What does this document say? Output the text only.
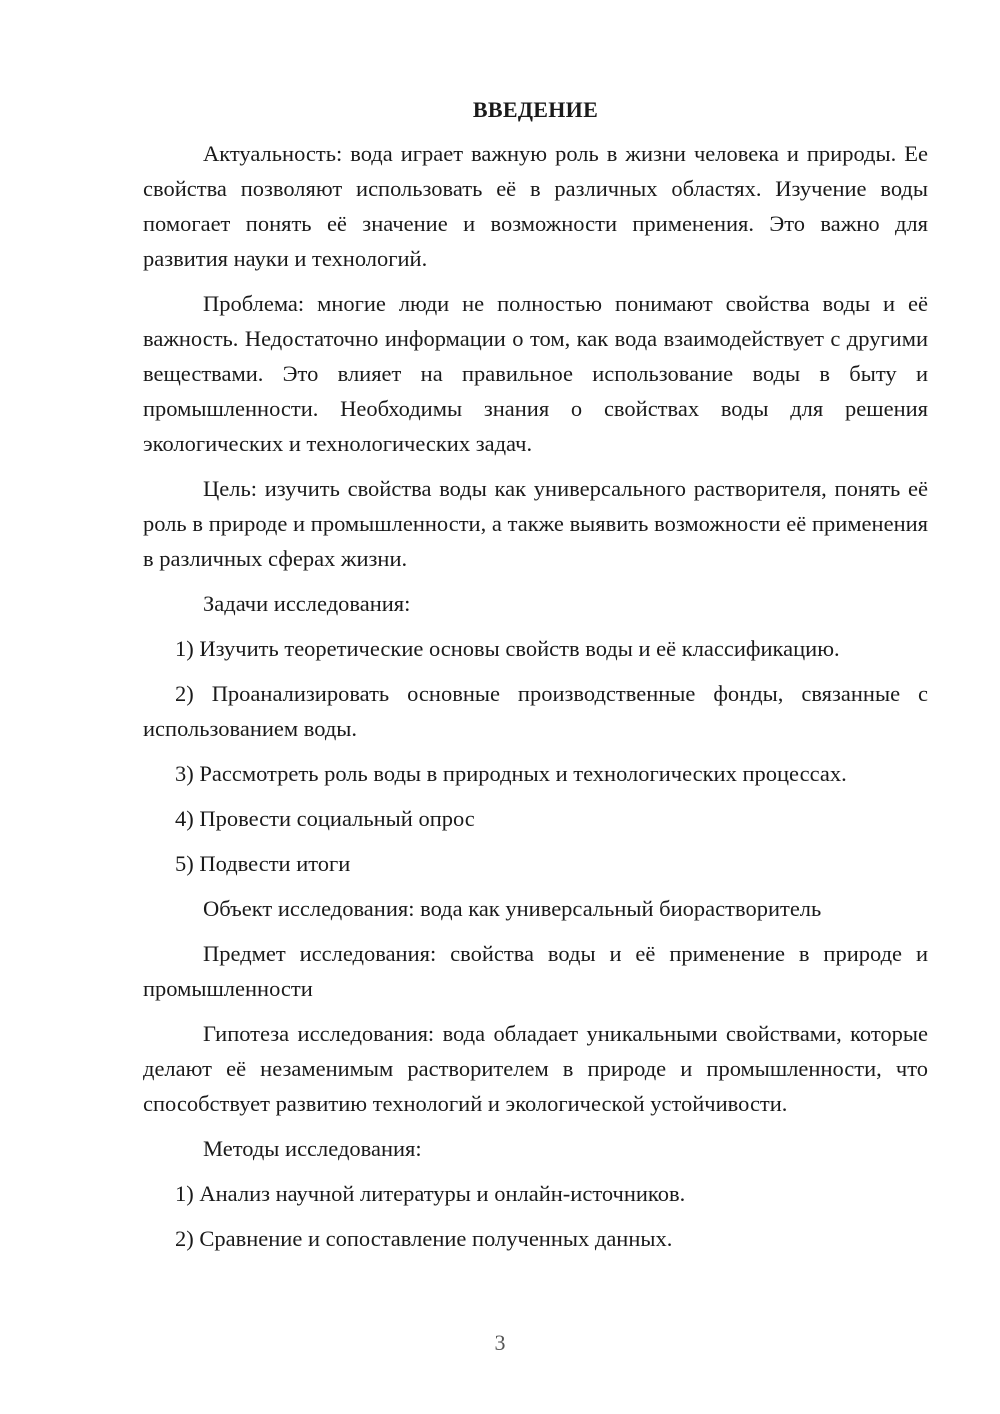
ВВЕДЕНИЕ

Актуальность: вода играет важную роль в жизни человека и природы. Ее свойства позволяют использовать её в различных областях. Изучение воды помогает понять её значение и возможности применения. Это важно для развития науки и технологий.

Проблема: многие люди не полностью понимают свойства воды и её важность. Недостаточно информации о том, как вода взаимодействует с другими веществами. Это влияет на правильное использование воды в быту и промышленности. Необходимы знания о свойствах воды для решения экологических и технологических задач.

Цель: изучить свойства воды как универсального растворителя, понять её роль в природе и промышленности, а также выявить возможности её применения в различных сферах жизни.

Задачи исследования:

1) Изучить теоретические основы свойств воды и её классификацию.

2) Проанализировать основные производственные фонды, связанные с использованием воды.

3) Рассмотреть роль воды в природных и технологических процессах.

4) Провести социальный опрос

5) Подвести итоги

Объект исследования: вода как универсальный биорастворитель

Предмет исследования: свойства воды и её применение в природе и промышленности

Гипотеза исследования: вода обладает уникальными свойствами, которые делают её незаменимым растворителем в природе и промышленности, что способствует развитию технологий и экологической устойчивости.

Методы исследования:

1) Анализ научной литературы и онлайн-источников.

2) Сравнение и сопоставление полученных данных.

3
